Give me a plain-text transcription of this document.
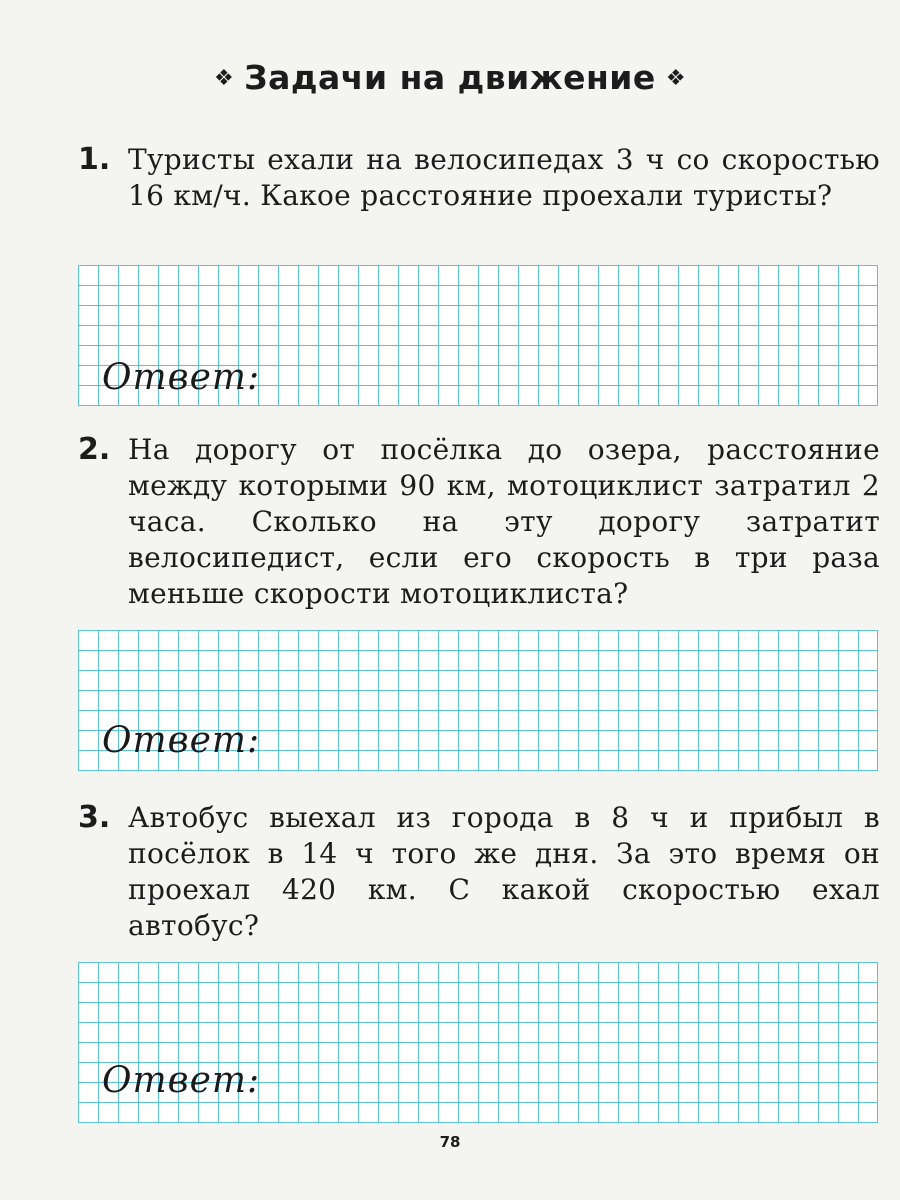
❖ Задачи на движение ❖
1. Туристы ехали на велосипедах 3 ч со скоростью 16 км/ч. Какое расстояние проехали туристы?
Ответ:
2. На дорогу от посёлка до озера, расстояние между которыми 90 км, мотоциклист затратил 2 часа. Сколько на эту дорогу затратит велосипедист, если его скорость в три раза меньше скорости мотоциклиста?
Ответ:
3. Автобус выехал из города в 8 ч и прибыл в посёлок в 14 ч того же дня. За это время он проехал 420 км. С какой скоростью ехал автобус?
Ответ:
78
